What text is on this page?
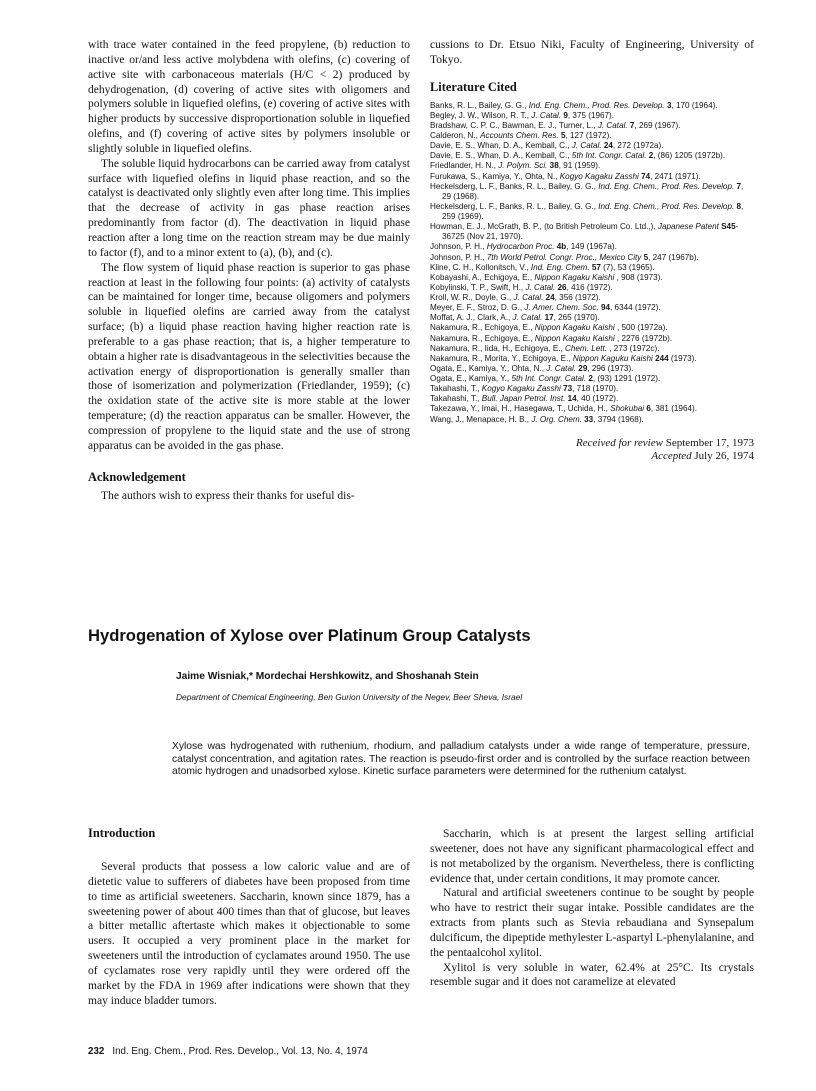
with trace water contained in the feed propylene, (b) reduction to inactive or/and less active molybdena with olefins, (c) covering of active site with carbonaceous materials (H/C < 2) produced by dehydrogenation, (d) covering of active sites with oligomers and polymers soluble in liquefied olefins, (e) covering of active sites with higher products by successive disproportionation soluble in liquefied olefins, and (f) covering of active sites by polymers insoluble or slightly soluble in liquefied olefins.

The soluble liquid hydrocarbons can be carried away from catalyst surface with liquefied olefins in liquid phase reaction, and so the catalyst is deactivated only slightly even after long time. This implies that the decrease of activity in gas phase reaction arises predominantly from factor (d). The deactivation in liquid phase reaction after a long time on the reaction stream may be due mainly to factor (f), and to a minor extent to (a), (b), and (c).

The flow system of liquid phase reaction is superior to gas phase reaction at least in the following four points: (a) activity of catalysts can be maintained for longer time, because oligomers and polymers soluble in liquefied olefins are carried away from the catalyst surface; (b) a liquid phase reaction having higher reaction rate is preferable to a gas phase reaction; that is, a higher temperature to obtain a higher rate is disadvantageous in the selectivities because the activation energy of disproportionation is generally smaller than those of isomerization and polymerization (Friedlander, 1959); (c) the oxidation state of the active site is more stable at the lower temperature; (d) the reaction apparatus can be smaller. However, the compression of propylene to the liquid state and the use of strong apparatus can be avoided in the gas phase.

Acknowledgement

The authors wish to express their thanks for useful dis-

cussions to Dr. Etsuo Niki, Faculty of Engineering, University of Tokyo.

Literature Cited
Banks, R. L., Bailey, G. G., Ind. Eng. Chem., Prod. Res. Develop. 3, 170 (1964).
Begley, J. W., Wilson, R. T., J. Catal. 9, 375 (1967).
Bradshaw, C. P. C., Bawman, E. J., Turner, L., J. Catal. 7, 269 (1967).
Calderon, N., Accounts Chem. Res. 5, 127 (1972).
Davie, E. S., Whan, D. A., Kemball, C., J. Catal. 24, 272 (1972a).
Davie, E. S., Whan, D. A., Kemball, C., 5th Int. Congr. Catal. 2, (86) 1205 (1972b).
Friedlander, H. N., J. Polym. Sci. 38, 91 (1959).
Furukawa, S., Kamiya, Y., Ohta, N., Kogyo Kagaku Zasshi 74, 2471 (1971).
Heckelsderg, L. F., Banks, R. L., Bailey, G. G., Ind. Eng. Chem., Prod. Res. Develop. 7, 29 (1968).
Heckelsderg, L. F., Banks, R. L., Bailey, G. G., Ind. Eng. Chem., Prod. Res. Develop. 8, 259 (1969).
Howman, E. J., McGrath, B. P., (to British Petroleum Co. Ltd.,), Japanese Patent S45-36725 (Nov 21, 1970).
Johnson, P. H., Hydrocarbon Proc. 4b, 149 (1967a).
Johnson, P. H., 7th World Petrol. Congr. Proc., Mexico City 5, 247 (1967b).
Kline, C. H., Kollonitsch, V., Ind. Eng. Chem. 57 (7), 53 (1965).
Kobayashi, A., Echigoya, E., Nippon Kagaku Kaishi , 908 (1973).
Kobylinski, T. P., Swift, H., J. Catal. 26, 416 (1972).
Kroll, W. R., Doyle, G., J. Catal. 24, 356 (1972).
Meyer, E. F., Stroz, D. G., J. Amer. Chem. Soc. 94, 6344 (1972).
Moffat, A. J., Clark, A., J. Catal. 17, 265 (1970).
Nakamura, R., Echigoya, E., Nippon Kagaku Kaishi , 500 (1972a).
Nakamura, R., Echigoya, E., Nippon Kagaku Kaishi , 2276 (1972b).
Nakamura, R., Iida, H., Echigoya, E., Chem. Lett. , 273 (1972c).
Nakamura, R., Morita, Y., Echigoya, E., Nippon Kaguku Kaishi 244 (1973).
Ogata, E., Kamiya, Y., Ohta, N., J. Catal. 29, 296 (1973).
Ogata, E., Kamiya, Y., 5th Int. Congr. Catal. 2, (93) 1291 (1972).
Takahashi, T., Kogyo Kagaku Zasshi 73, 718 (1970).
Takahashi, T., Bull. Japan Petrol. Inst. 14, 40 (1972).
Takezawa, Y., Imai, H., Hasegawa, T., Uchida, H., Shokubai 6, 381 (1964).
Wang, J., Menapace, H. B., J. Org. Chem. 33, 3794 (1968).

Received for review September 17, 1973

Accepted July 26, 1974

Hydrogenation of Xylose over Platinum Group Catalysts

Jaime Wisniak,* Mordechai Hershkowitz, and Shoshanah Stein

Department of Chemical Engineering, Ben Gurion University of the Negev, Beer Sheva, Israel

Xylose was hydrogenated with ruthenium, rhodium, and palladium catalysts under a wide range of temperature, pressure, catalyst concentration, and agitation rates. The reaction is pseudo-first order and is controlled by the surface reaction between atomic hydrogen and unadsorbed xylose. Kinetic surface parameters were determined for the ruthenium catalyst.

Introduction

Several products that possess a low caloric value and are of dietetic value to sufferers of diabetes have been proposed from time to time as artificial sweeteners. Saccharin, known since 1879, has a sweetening power of about 400 times than that of glucose, but leaves a bitter metallic aftertaste which makes it objectionable to some users. It occupied a very prominent place in the market for sweeteners until the introduction of cyclamates around 1950. The use of cyclamates rose very rapidly until they were ordered off the market by the FDA in 1969 after indications were shown that they may induce bladder tumors.

Saccharin, which is at present the largest selling artificial sweetener, does not have any significant pharmacological effect and is not metabolized by the organism. Nevertheless, there is conflicting evidence that, under certain conditions, it may promote cancer.

Natural and artificial sweeteners continue to be sought by people who have to restrict their sugar intake. Possible candidates are the extracts from plants such as Stevia rebaudiana and Synsepalum dulcificum, the dipeptide methylester L-aspartyl L-phenylalanine, and the pentaalcohol xylitol.

Xylitol is very soluble in water, 62.4% at 25°C. Its crystals resemble sugar and it does not caramelize at elevated

232 Ind. Eng. Chem., Prod. Res. Develop., Vol. 13, No. 4, 1974
